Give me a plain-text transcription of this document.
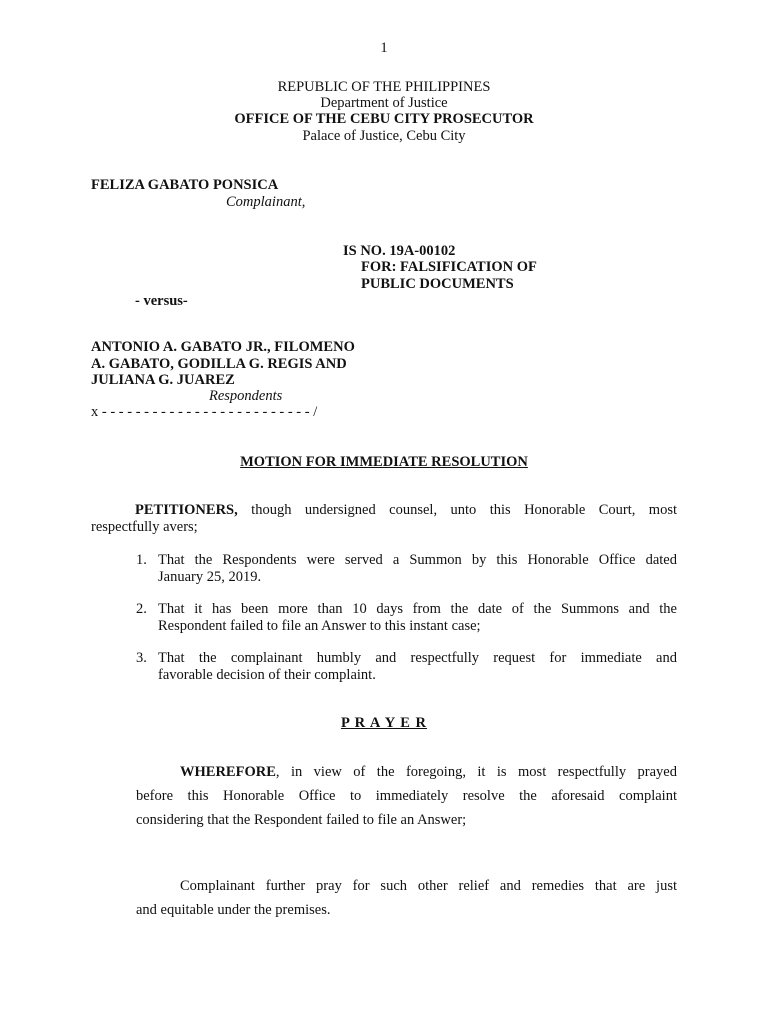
1
REPUBLIC OF THE PHILIPPINES
Department of Justice
OFFICE OF THE CEBU CITY PROSECUTOR
Palace of Justice, Cebu City
FELIZA GABATO PONSICA
Complainant,
IS NO. 19A-00102
FOR: FALSIFICATION OF
PUBLIC DOCUMENTS
- versus-
ANTONIO A. GABATO JR., FILOMENO
A. GABATO, GODILLA G. REGIS AND
JULIANA G. JUAREZ
Respondents
x - - - - - - - - - - - - - - - - - - - - - - - - - /
MOTION FOR IMMEDIATE RESOLUTION
PETITIONERS, though undersigned counsel, unto this Honorable Court, most
respectfully avers;
1. That the Respondents were served a Summon by this Honorable Office dated
January 25, 2019.
2. That it has been more than 10 days from the date of the Summons and the
Respondent failed to file an Answer to this instant case;
3. That the complainant humbly and respectfully request for immediate and
favorable decision of their complaint.
P R A Y E R
WHEREFORE, in view of the foregoing, it is most respectfully prayed
before this Honorable Office to immediately resolve the aforesaid complaint
considering that the Respondent failed to file an Answer;
Complainant further pray for such other relief and remedies that are just
and equitable under the premises.
